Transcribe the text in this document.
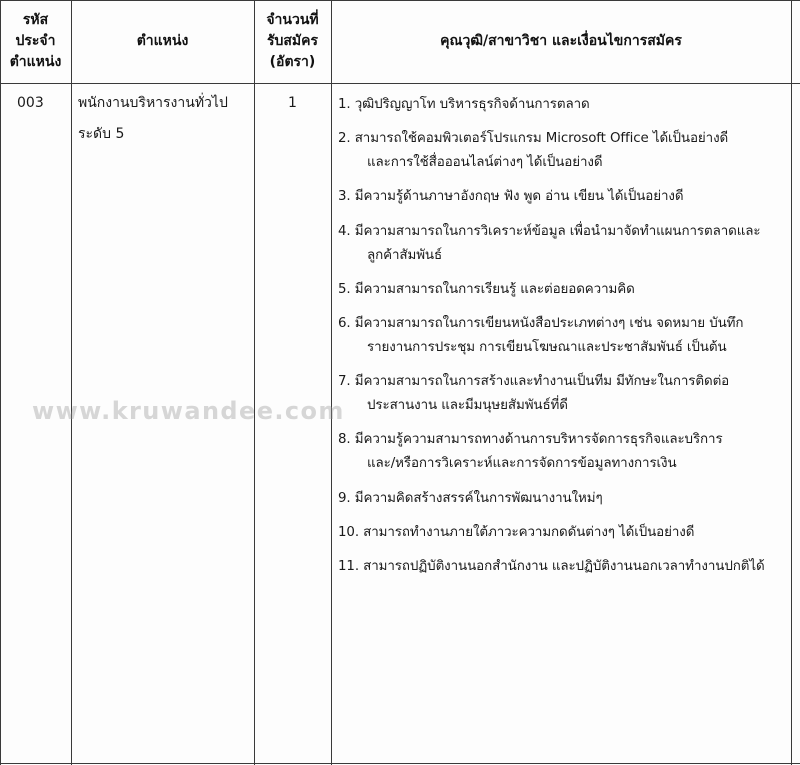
รหัส
ประจำ
ตำแหน่ง
ตำแหน่ง
จำนวนที่
รับสมัคร
(อัตรา)
คุณวุฒิ/สาขาวิชา และเงื่อนไขการสมัคร
003 พนักงานบริหารงานทั่วไป
ระดับ 5
1	1. วุฒิปริญญาโท บริหารธุรกิจด้านการตลาด
2. สามารถใช้คอมพิวเตอร์โปรแกรม Microsoft Office ได้เป็นอย่างดี
และการใช้สื่อออนไลน์ต่างๆ ได้เป็นอย่างดี
3. มีความรู้ด้านภาษาอังกฤษ ฟัง พูด อ่าน เขียน ได้เป็นอย่างดี
4. มีความสามารถในการวิเคราะห์ข้อมูล เพื่อนำมาจัดทำแผนการตลาดและ
ลูกค้าสัมพันธ์
5. มีความสามารถในการเรียนรู้ และต่อยอดความคิด
6. มีความสามารถในการเขียนหนังสือประเภทต่างๆ เช่น จดหมาย บันทึก
รายงานการประชุม การเขียนโฆษณาและประชาสัมพันธ์ เป็นต้น
7. มีความสามารถในการสร้างและทำงานเป็นทีม มีทักษะในการติดต่อ
ประสานงาน และมีมนุษยสัมพันธ์ที่ดี
8. มีความรู้ความสามารถทางด้านการบริหารจัดการธุรกิจและบริการ
และ/หรือการวิเคราะห์และการจัดการข้อมูลทางการเงิน
9. มีความคิดสร้างสรรค์ในการพัฒนางานใหม่ๆ
10. สามารถทำงานภายใต้ภาวะความกดดันต่างๆ ได้เป็นอย่างดี
11. สามารถปฏิบัติงานนอกสำนักงาน และปฏิบัติงานนอกเวลาทำงานปกติได้
www.kruwandee.com
